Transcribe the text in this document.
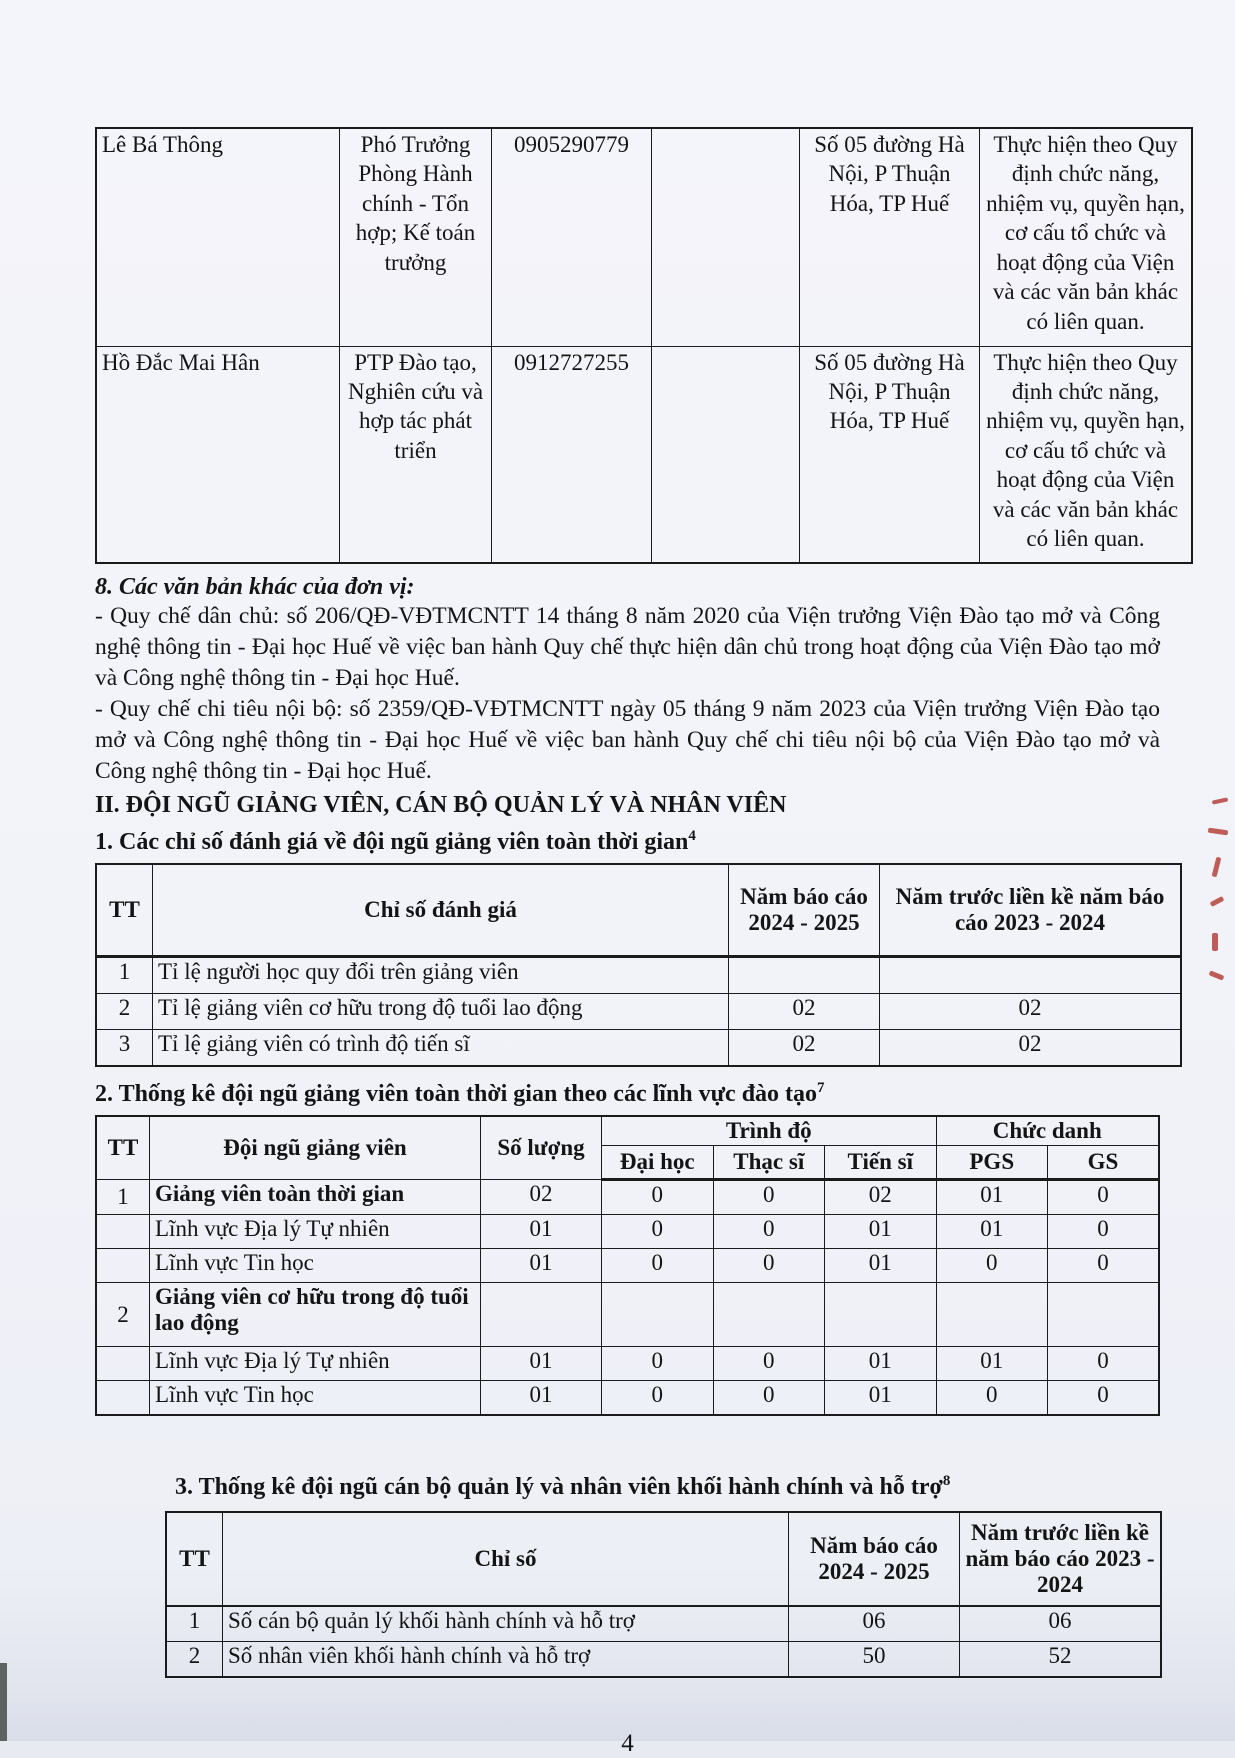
Lê Bá Thông	Phó Trưởng Phòng Hành chính - Tổn hợp; Kế toán trưởng	0905290779		Số 05 đường Hà Nội, P Thuận Hóa, TP Huế	Thực hiện theo Quy định chức năng, nhiệm vụ, quyền hạn, cơ cấu tổ chức và hoạt động của Viện và các văn bản khác có liên quan.
Hồ Đắc Mai Hân	PTP Đào tạo, Nghiên cứu và hợp tác phát triển	0912727255		Số 05 đường Hà Nội, P Thuận Hóa, TP Huế	Thực hiện theo Quy định chức năng, nhiệm vụ, quyền hạn, cơ cấu tổ chức và hoạt động của Viện và các văn bản khác có liên quan.
8. Các văn bản khác của đơn vị:

- Quy chế dân chủ: số 206/QĐ-VĐTMCNTT 14 tháng 8 năm 2020 của Viện trưởng Viện Đào tạo mở và Công nghệ thông tin - Đại học Huế về việc ban hành Quy chế thực hiện dân chủ trong hoạt động của Viện Đào tạo mở và Công nghệ thông tin - Đại học Huế.

- Quy chế chi tiêu nội bộ: số 2359/QĐ-VĐTMCNTT ngày 05 tháng 9 năm 2023 của Viện trưởng Viện Đào tạo mở và Công nghệ thông tin - Đại học Huế về việc ban hành Quy chế chi tiêu nội bộ của Viện Đào tạo mở và Công nghệ thông tin - Đại học Huế.

II. ĐỘI NGŨ GIẢNG VIÊN, CÁN BỘ QUẢN LÝ VÀ NHÂN VIÊN
1. Các chỉ số đánh giá về đội ngũ giảng viên toàn thời gian$^4$
TT	Chỉ số đánh giá	Năm báo cáo 2024 - 2025	Năm trước liền kề năm báo cáo 2023 - 2024
1	Tỉ lệ người học quy đổi trên giảng viên		
2	Tỉ lệ giảng viên cơ hữu trong độ tuổi lao động	02	02
3	Tỉ lệ giảng viên có trình độ tiến sĩ	02	02
2. Thống kê đội ngũ giảng viên toàn thời gian theo các lĩnh vực đào tạo$^7$
TT	Đội ngũ giảng viên	Số lượng	Trình độ			Chức danh	
			Đại học	Thạc sĩ	Tiến sĩ	PGS	GS
1	Giảng viên toàn thời gian	02	0	0	02	01	0
	Lĩnh vực Địa lý Tự nhiên	01	0	0	01	01	0
	Lĩnh vực Tin học	01	0	0	01	0	0
2	Giảng viên cơ hữu trong độ tuổi lao động						
	Lĩnh vực Địa lý Tự nhiên	01	0	0	01	01	0
	Lĩnh vực Tin học	01	0	0	01	0	0
3. Thống kê đội ngũ cán bộ quản lý và nhân viên khối hành chính và hỗ trợ$^8$
TT	Chỉ số	Năm báo cáo 2024 - 2025	Năm trước liền kề năm báo cáo 2023 - 2024
1	Số cán bộ quản lý khối hành chính và hỗ trợ	06	06
2	Số nhân viên khối hành chính và hỗ trợ	50	52
4
